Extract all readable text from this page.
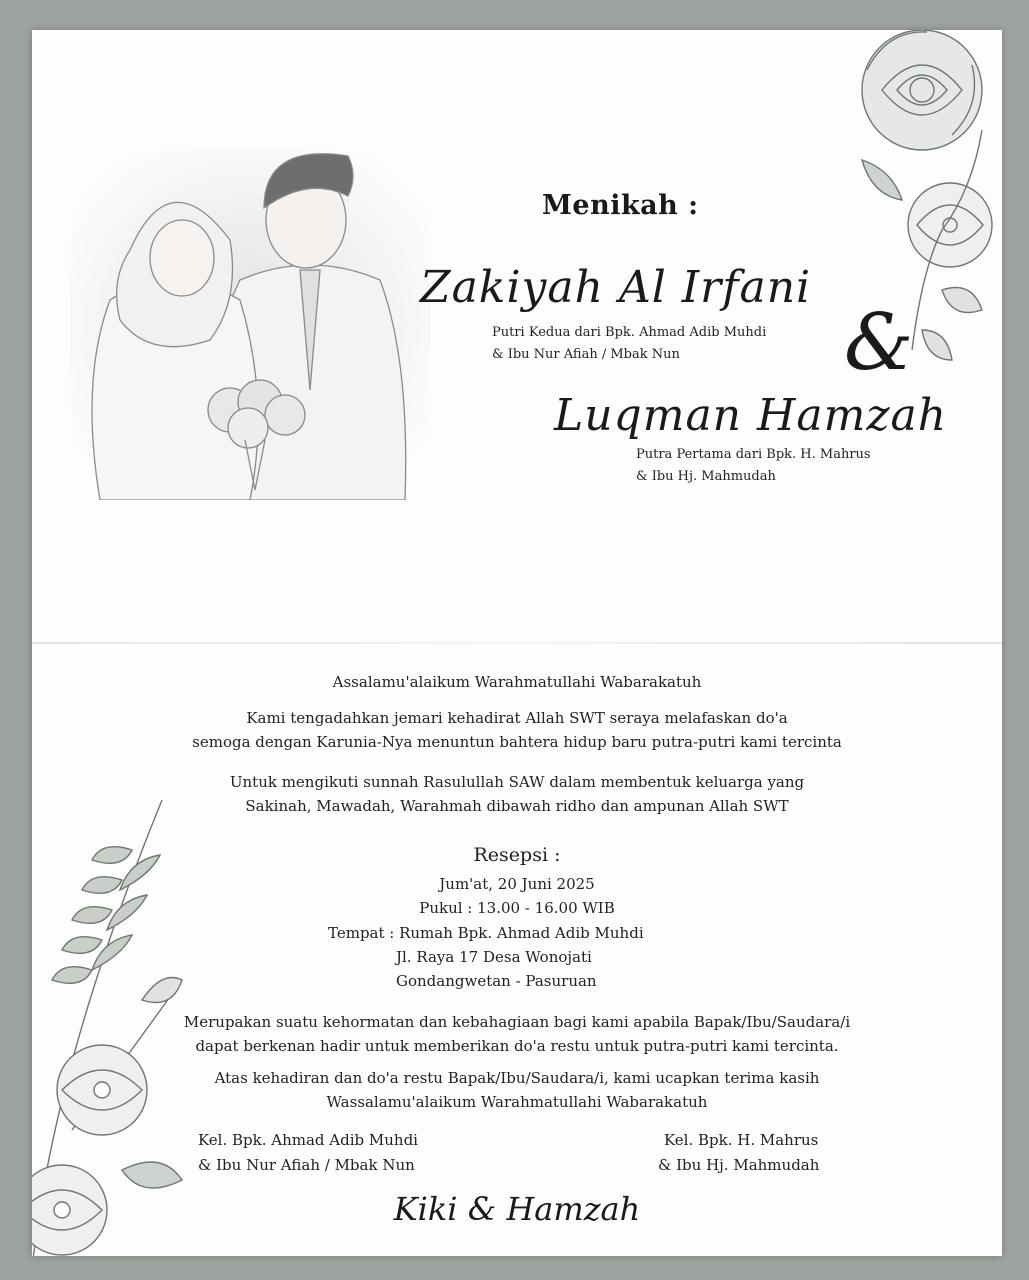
Menikah :
Zakiyah Al Irfani
Putri Kedua dari Bpk. Ahmad Adib Muhdi
& Ibu Nur Afiah / Mbak Nun	&
Luqman Hamzah
Putra Pertama dari Bpk. H. Mahrus
& Ibu Hj. Mahmudah
Assalamu'alaikum Warahmatullahi Wabarakatuh
Kami tengadahkan jemari kehadirat Allah SWT seraya melafaskan do'a
semoga dengan Karunia-Nya menuntun bahtera hidup baru putra-putri kami tercinta
Untuk mengikuti sunnah Rasulullah SAW dalam membentuk keluarga yang
Sakinah, Mawadah, Warahmah dibawah ridho dan ampunan Allah SWT
Resepsi :
Jum'at, 20 Juni 2025
Pukul : 13.00 - 16.00 WIB
Tempat : Rumah Bpk. Ahmad Adib Muhdi
Jl. Raya 17 Desa Wonojati
Gondangwetan - Pasuruan
Merupakan suatu kehormatan dan kebahagiaan bagi kami apabila Bapak/Ibu/Saudara/i
dapat berkenan hadir untuk memberikan do'a restu untuk putra-putri kami tercinta.
Atas kehadiran dan do'a restu Bapak/Ibu/Saudara/i, kami ucapkan terima kasih
Wassalamu'alaikum Warahmatullahi Wabarakatuh
Kel. Bpk. Ahmad Adib Muhdi
& Ibu Nur Afiah / Mbak Nun
Kel. Bpk. H. Mahrus
& Ibu Hj. Mahmudah
Kiki & Hamzah
